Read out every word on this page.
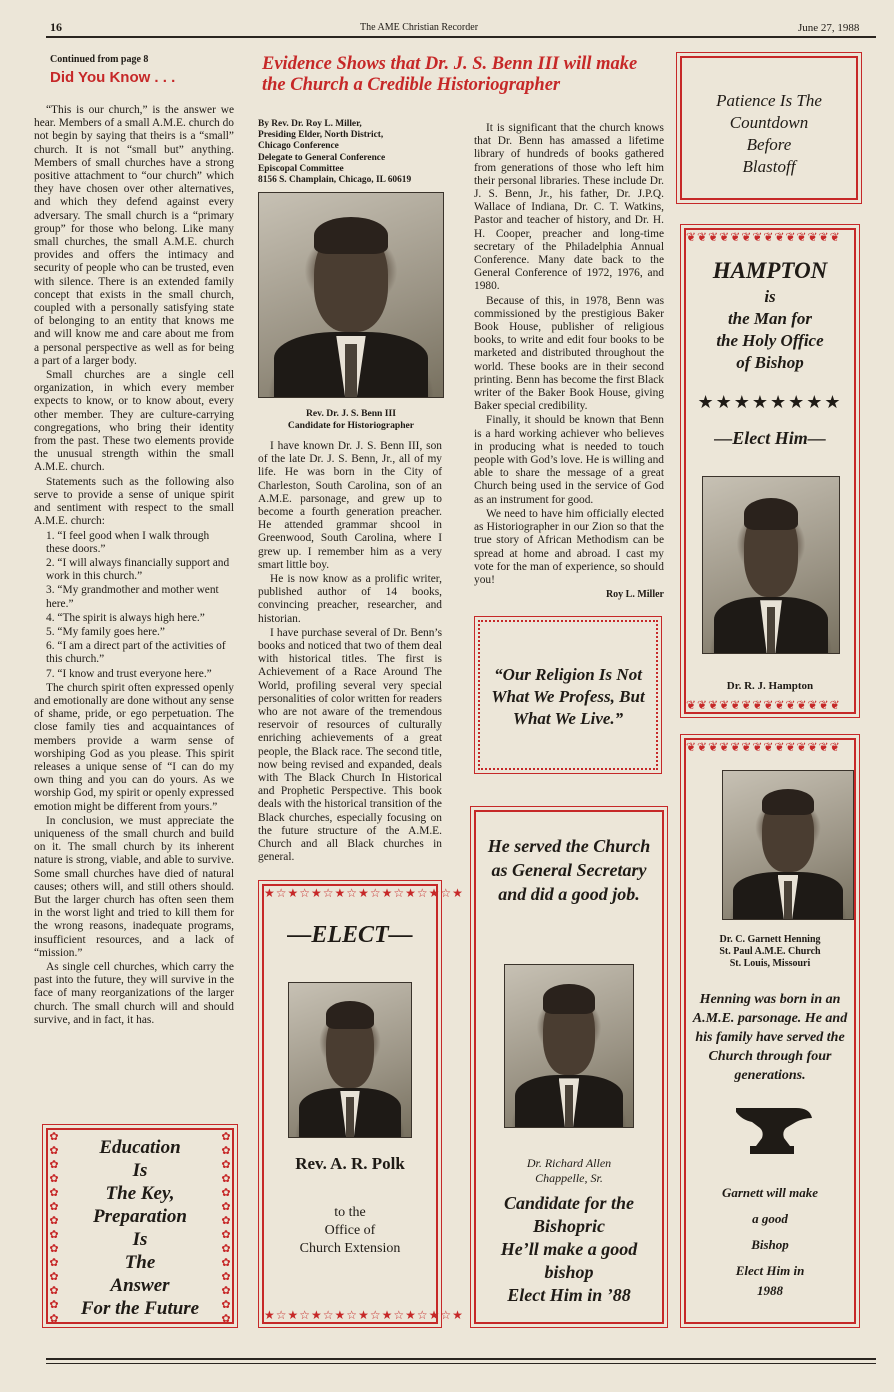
16	The AME Christian Recorder	June 27, 1988
Continued from page 8
Did You Know . . .

“This is our church,” is the answer we hear. Members of a small A.M.E. church do not begin by saying that theirs is a “small” church. It is not “small but” anything. Members of small churches have a strong positive attachment to “our church” which they have chosen over other alternatives, and which they defend against every adversary. The small church is a “primary group” for those who belong. Like many small churches, the small A.M.E. church provides and offers the intimacy and security of people who can be trusted, even with silence. There is an extended family concept that exists in the small church, coupled with a personally satisfying state of belonging to an entity that knows me and will know me and care about me from a personal perspective as well as for being a part of a larger body.

Small churches are a single cell organization, in which every member expects to know, or to know about, every other member. They are culture-carrying congregations, who bring their identity from the past. These two elements provide the unusual strength within the small A.M.E. church.

Statements such as the following also serve to provide a sense of unique spirit and sentiment with respect to the small A.M.E. church:

1. “I feel good when I walk through these doors.”

2. “I will always financially support and work in this church.”

3. “My grandmother and mother went here.”

4. “The spirit is always high here.”

5. “My family goes here.”

6. “I am a direct part of the activities of this church.”

7. “I know and trust everyone here.”

The church spirit often expressed openly and emotionally are done without any sense of shame, pride, or ego perpetuation. The close family ties and acquaintances of members provide a warm sense of worshiping God as you please. This spirit releases a unique sense of “I can do my own thing and you can do yours. As we worship God, my spirit or openly expressed emotion might be different from yours.”

In conclusion, we must appreciate the uniqueness of the small church and build on it. The small church by its inherent nature is strong, viable, and able to survive. Some small churches have died of natural causes; others will, and still others should. But the larger church has often seen them in the worst light and tried to kill them for the wrong reasons, inadequate programs, insufficient resources, and a lack of “mission.”

As single cell churches, which carry the past into the future, they will survive in the face of many reorganizations of the larger church. The small church will and should survive, and in fact, it has.

✿✿✿✿✿✿✿✿✿✿✿✿✿✿
✿✿✿✿✿✿✿✿✿✿✿✿✿✿
Education
Is
The Key,
Preparation
Is
The
Answer
For the Future
Evidence Shows that Dr. J. S. Benn III will make the Church a Credible Historiographer
By Rev. Dr. Roy L. Miller,
Presiding Elder, North District,
Chicago Conference
Delegate to General Conference
Episcopal Committee
8156 S. Champlain, Chicago, IL 60619
Rev. Dr. J. S. Benn III
Candidate for Historiographer

I have known Dr. J. S. Benn III, son of the late Dr. J. S. Benn, Jr., all of my life. He was born in the City of Charleston, South Carolina, son of an A.M.E. parsonage, and grew up to become a fourth generation preacher. He attended grammar shcool in Greenwood, South Carolina, where I grew up. I remember him as a very smart little boy.

He is now know as a prolific writer, published author of 14 books, convincing preacher, researcher, and historian.

I have purchase several of Dr. Benn’s books and noticed that two of them deal with historical titles. The first is Achievement of a Race Around The World, profiling several very special personalities of color written for readers who are not aware of the tremendous reservoir of resources of culturally enriching achievements of a great people, the Black race. The second title, now being revised and expanded, deals with The Black Church In Historical and Prophetic Perspective. This book deals with the historical transition of the Black churches, especially focusing on the future structure of the A.M.E. Church and all Black churches in general.

It is significant that the church knows that Dr. Benn has amassed a lifetime library of hundreds of books gathered from generations of those who left him their personal libraries. These include Dr. J. S. Benn, Jr., his father, Dr. J.P.Q. Wallace of Indiana, Dr. C. T. Watkins, Pastor and teacher of history, and Dr. H. H. Cooper, preacher and long-time secretary of the Philadelphia Annual Conference. Many date back to the General Conference of 1972, 1976, and 1980.

Because of this, in 1978, Benn was commissioned by the prestigious Baker Book House, publisher of religious books, to write and edit four books to be marketed and distributed throughout the world. These books are in their second printing. Benn has become the first Black writer of the Baker Book House, giving Baker special credibility.

Finally, it should be known that Benn is a hard working achiever who believes in producing what is needed to touch people with God’s love. He is willing and able to share the message of a great Church being used in the service of God as an instrument for good.

We need to have him officially elected as Historiographer in our Zion so that the true story of African Methodism can be spread at home and abroad. I cast my vote for the man of experience, so should you!

Roy L. Miller
★☆★☆★☆★☆★☆★☆★☆★☆★
★☆★☆★☆★☆★☆★☆★☆★☆★
—ELECT—
Rev. A. R. Polk
to the
Office of
Church Extension
“Our Religion Is Not What We Profess, But What We Live.”
He served the Church as General Secretary and did a good job.
Dr. Richard Allen
Chappelle, Sr.
Candidate for the
Bishopric
He’ll make a good
bishop
Elect Him in ’88
Patience Is The
Countdown
Before
Blastoff
❦❦❦❦❦❦❦❦❦❦❦❦❦❦
❦❦❦❦❦❦❦❦❦❦❦❦❦❦
HAMPTON
is
the Man for
the Holy Office
of Bishop
★★★★★★★★
—Elect Him—
Dr. R. J. Hampton
❦❦❦❦❦❦❦❦❦❦❦❦❦❦
Dr. C. Garnett Henning
St. Paul A.M.E. Church
St. Louis, Missouri
Henning was born in an A.M.E. parsonage. He and his family have served the Church through four generations.
Garnett will make
a good
Bishop
Elect Him in
1988
